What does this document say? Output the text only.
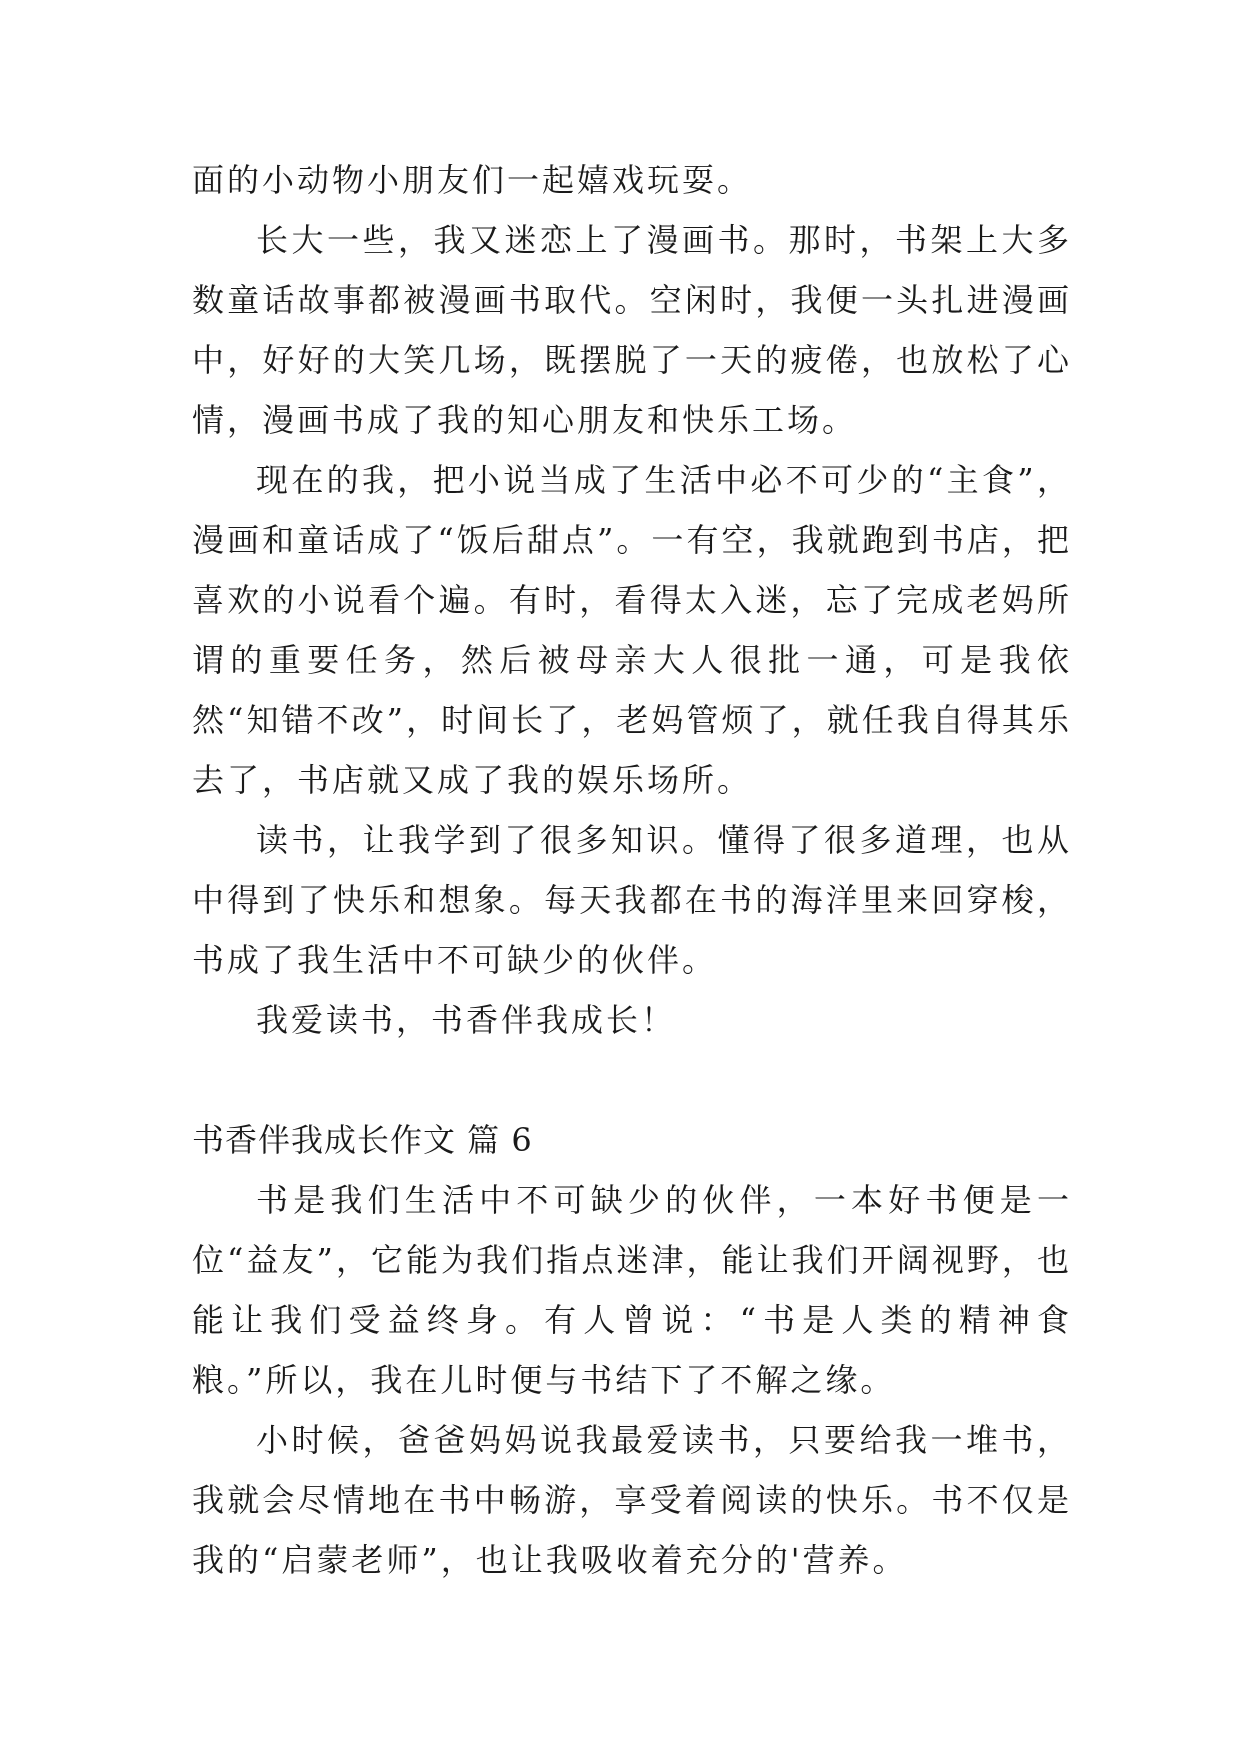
面的小动物小朋友们一起嬉戏玩耍。

长大一些，我又迷恋上了漫画书。那时，书架上大多数童话故事都被漫画书取代。空闲时，我便一头扎进漫画中，好好的大笑几场，既摆脱了一天的疲倦，也放松了心情，漫画书成了我的知心朋友和快乐工场。

现在的我，把小说当成了生活中必不可少的“主食”，漫画和童话成了“饭后甜点”。一有空，我就跑到书店，把喜欢的小说看个遍。有时，看得太入迷，忘了完成老妈所谓的重要任务，然后被母亲大人很批一通，可是我依然“知错不改”，时间长了，老妈管烦了，就任我自得其乐去了，书店就又成了我的娱乐场所。

读书，让我学到了很多知识。懂得了很多道理，也从中得到了快乐和想象。每天我都在书的海洋里来回穿梭，书成了我生活中不可缺少的伙伴。

我爱读书，书香伴我成长！

书香伴我成长作文 篇 6

书是我们生活中不可缺少的伙伴，一本好书便是一位“益友”，它能为我们指点迷津，能让我们开阔视野，也能让我们受益终身。有人曾说：“书是人类的精神食粮。”所以，我在儿时便与书结下了不解之缘。

小时候，爸爸妈妈说我最爱读书，只要给我一堆书，我就会尽情地在书中畅游，享受着阅读的快乐。书不仅是我的“启蒙老师”，也让我吸收着充分的'营养。
